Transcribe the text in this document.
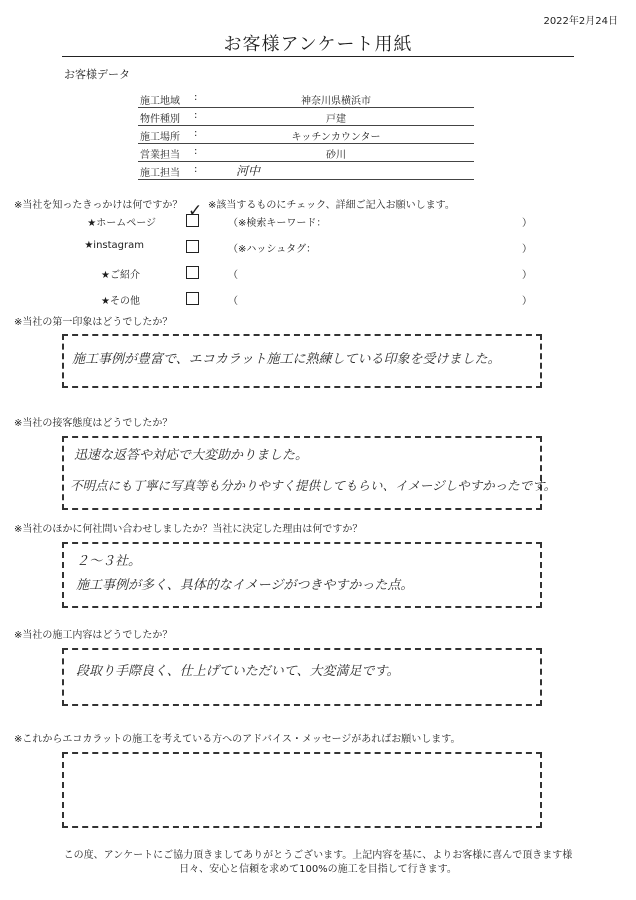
2022年2月24日
お客様アンケート用紙
お客様データ
施工地域 :	神奈川県横浜市
物件種別 :	戸建
施工場所 :	キッチンカウンター
営業担当 :	砂川
施工担当 :	河中
※当社を知ったきっかけは何ですか？	※該当するものにチェック、詳細ご記入お願いします。
★ホームページ
✓
（※検索キーワード：	）
★instagram	（※ハッシュタグ：	）
★ご紹介	（	）
★その他	（	）
※当社の第一印象はどうでしたか？
施工事例が豊富で、エコカラット施工に熟練している印象を受けました。
※当社の接客態度はどうでしたか？
迅速な返答や対応で大変助かりました。
不明点にも丁寧に写真等も分かりやすく提供してもらい、イメージしやすかったです。
※当社のほかに何社問い合わせしましたか？当社に決定した理由は何ですか？
２～３社。
施工事例が多く、具体的なイメージがつきやすかった点。
※当社の施工内容はどうでしたか？
段取り手際良く、仕上げていただいて、大変満足です。
※これからエコカラットの施工を考えている方へのアドバイス・メッセージがあればお願いします。
この度、アンケートにご協力頂きましてありがとうございます。上記内容を基に、よりお客様に喜んで頂きます様
日々、安心と信頼を求めて100%の施工を目指して行きます。
